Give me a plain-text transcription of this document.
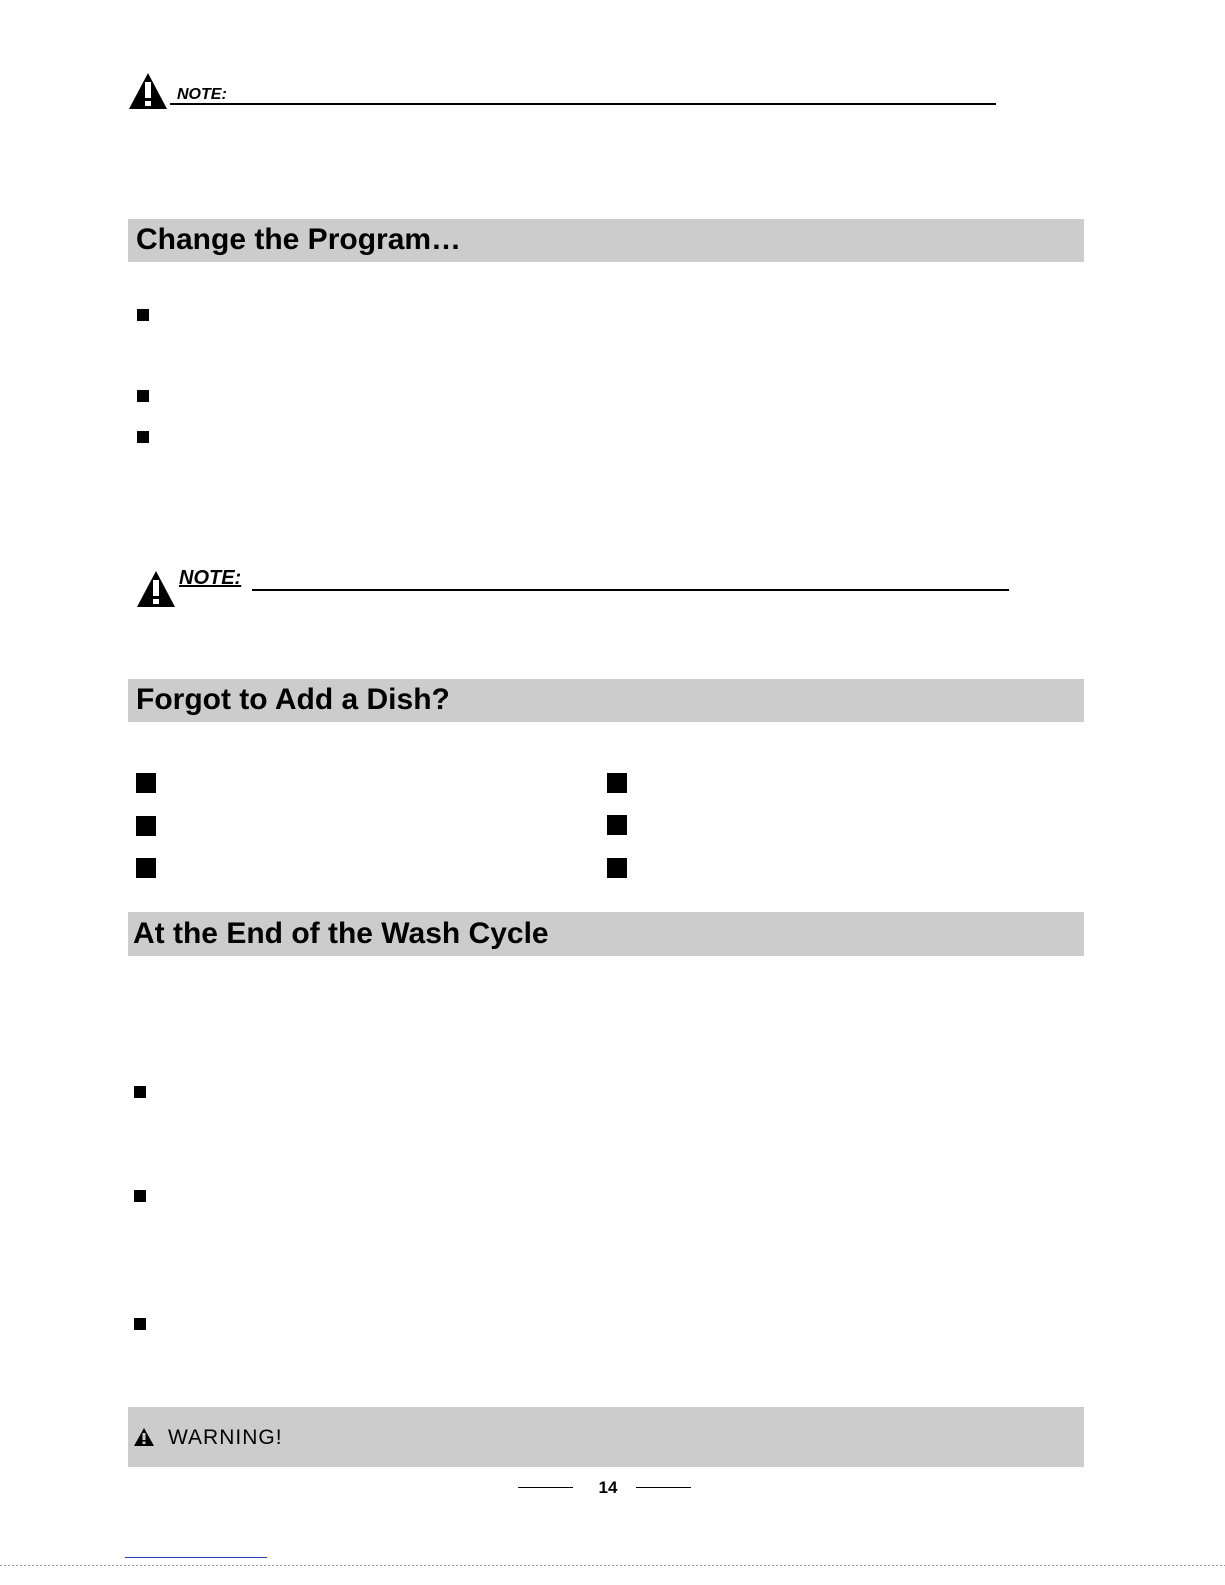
NOTE:
Change the Program…
NOTE:
Forgot to Add a Dish?
At the End of the Wash Cycle
WARNING!
14
